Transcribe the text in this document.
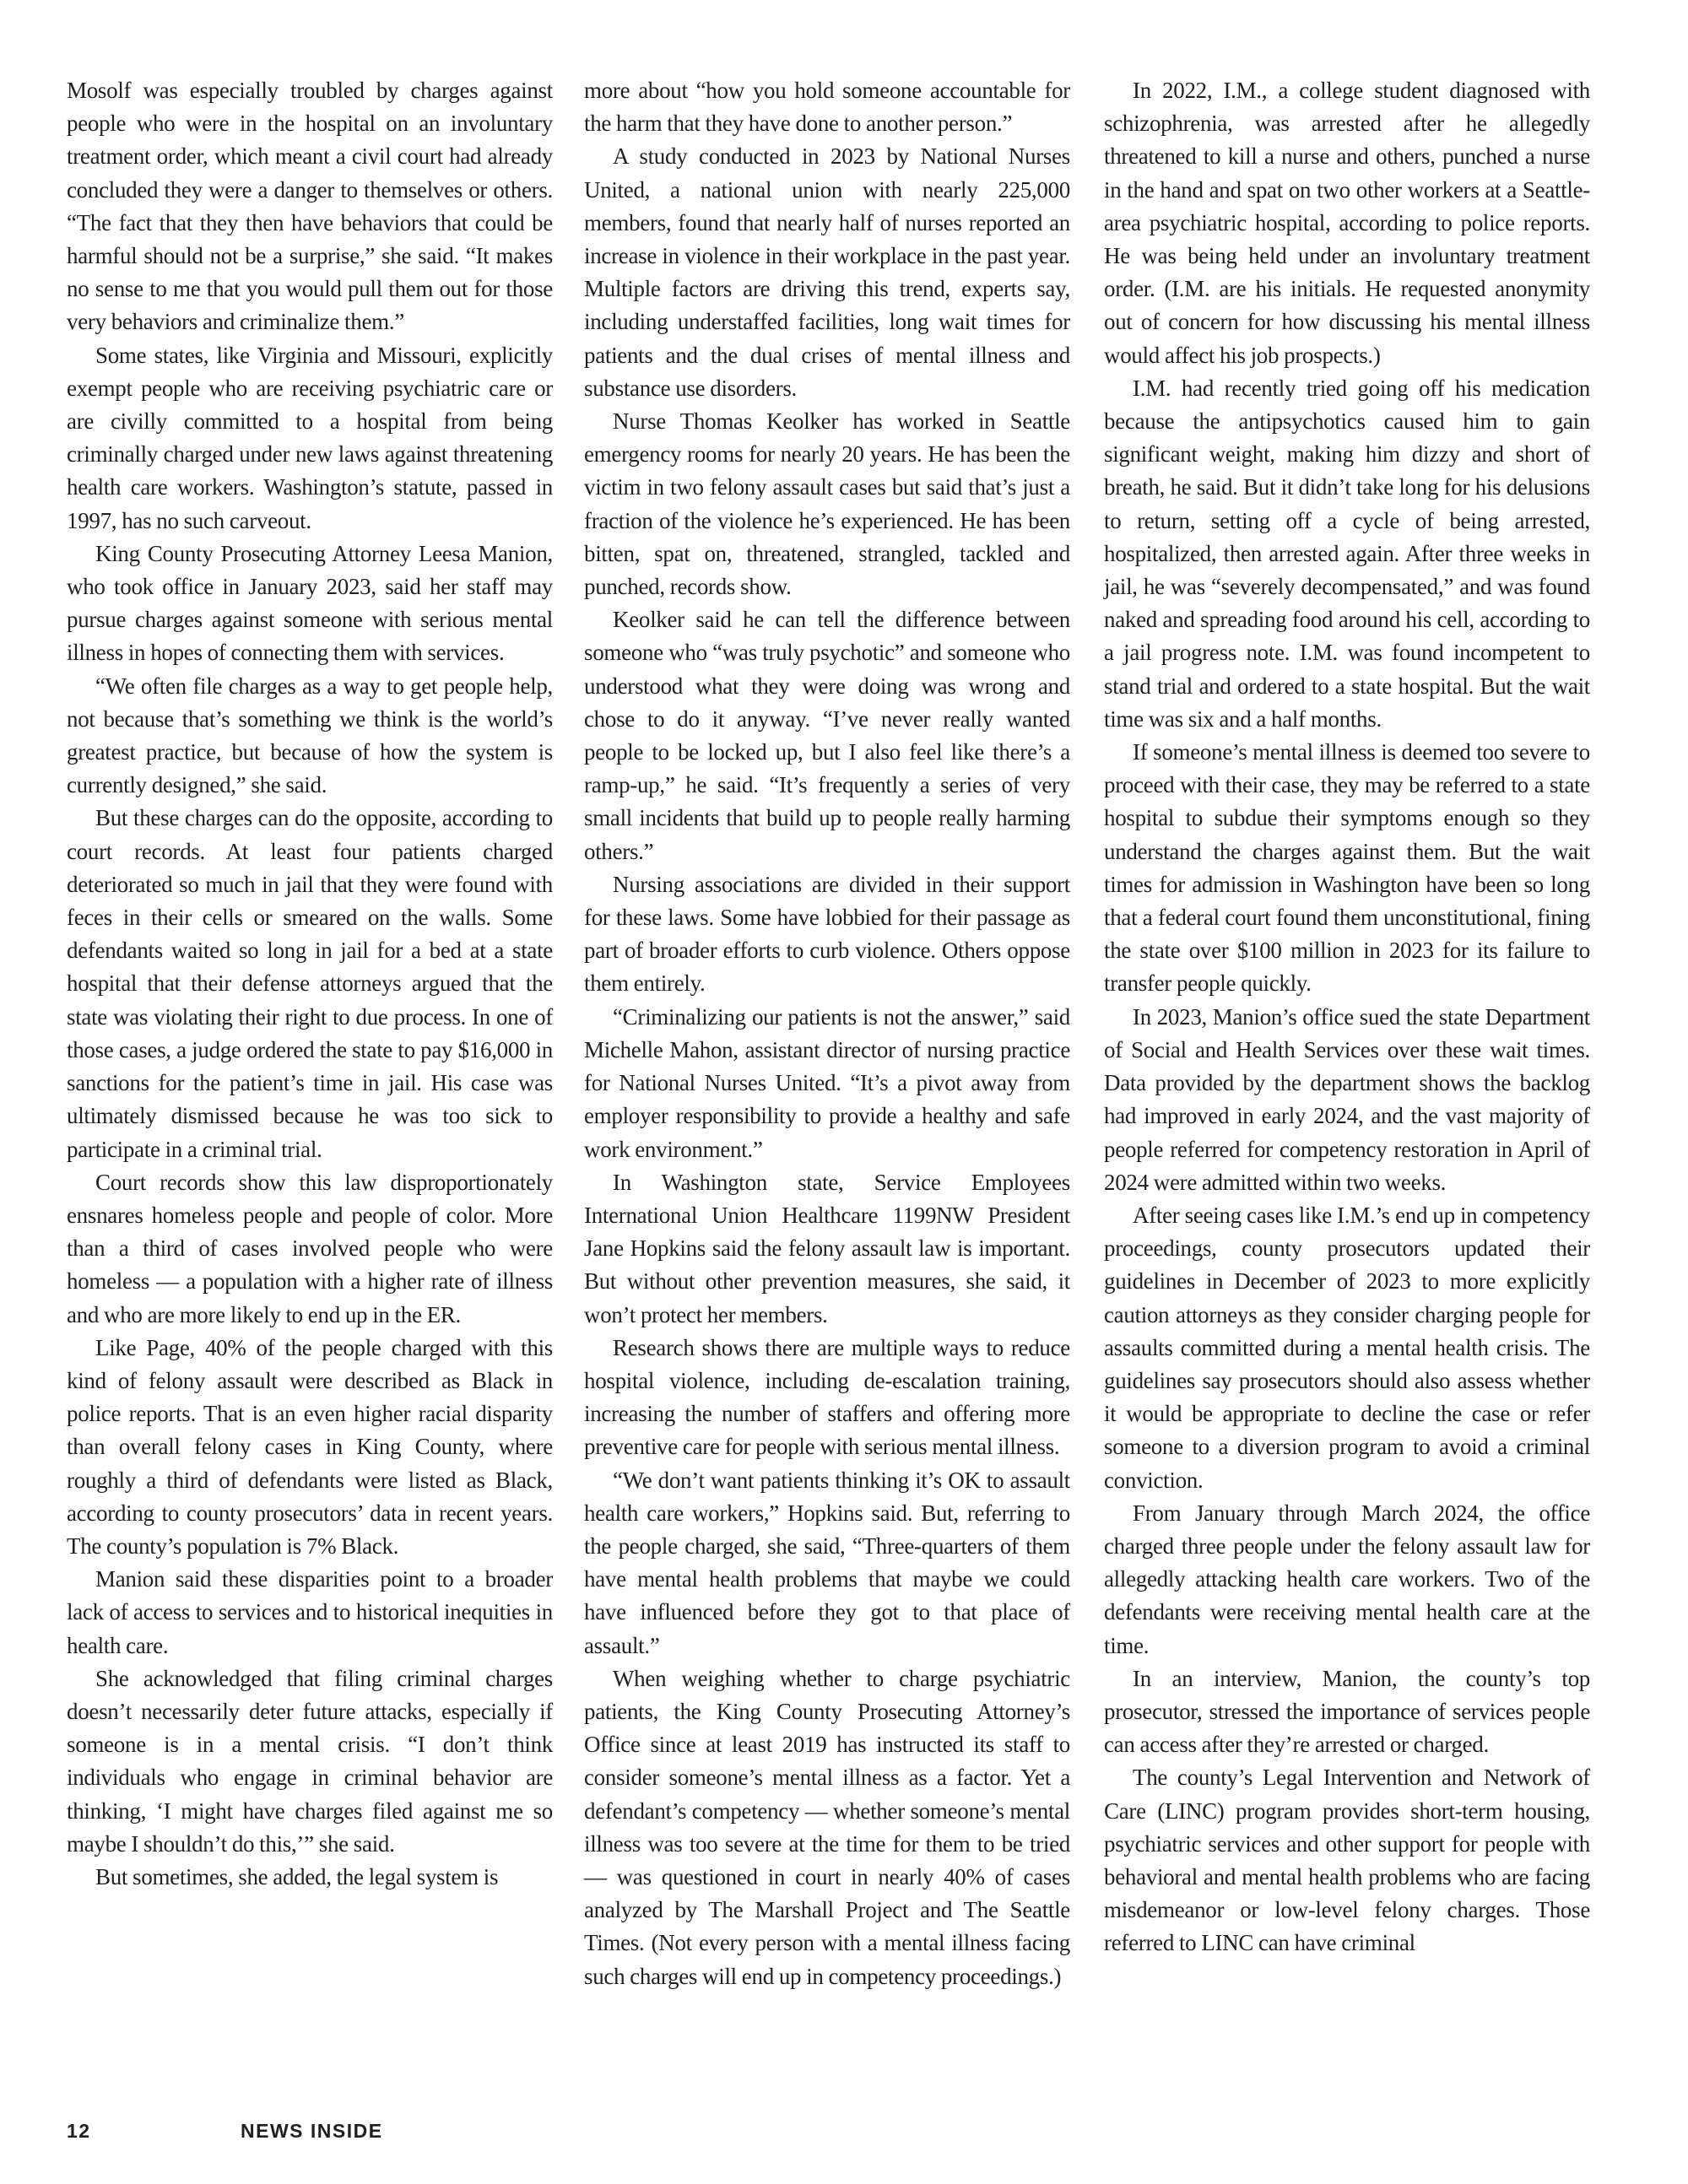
Mosolf was especially troubled by charges against people who were in the hospital on an involuntary treatment order, which meant a civil court had already concluded they were a danger to themselves or others. “The fact that they then have behaviors that could be harmful should not be a surprise,” she said. “It makes no sense to me that you would pull them out for those very behaviors and criminalize them.”

Some states, like Virginia and Missouri, explicitly exempt people who are receiving psychiatric care or are civilly committed to a hospital from being criminally charged under new laws against threatening health care workers. Washington’s statute, passed in 1997, has no such carveout.

King County Prosecuting Attorney Leesa Manion, who took office in January 2023, said her staff may pursue charges against someone with serious mental illness in hopes of connecting them with services.

“We often file charges as a way to get people help, not because that’s something we think is the world’s greatest practice, but because of how the system is currently designed,” she said.

But these charges can do the opposite, according to court records. At least four patients charged deteriorated so much in jail that they were found with feces in their cells or smeared on the walls. Some defendants waited so long in jail for a bed at a state hospital that their defense attorneys argued that the state was violating their right to due process. In one of those cases, a judge ordered the state to pay $16,000 in sanctions for the patient’s time in jail. His case was ultimately dismissed because he was too sick to participate in a criminal trial.

Court records show this law disproportionately ensnares homeless people and people of color. More than a third of cases involved people who were homeless — a population with a higher rate of illness and who are more likely to end up in the ER.

Like Page, 40% of the people charged with this kind of felony assault were described as Black in police reports. That is an even higher racial disparity than overall felony cases in King County, where roughly a third of defendants were listed as Black, according to county prosecutors’ data in recent years. The county’s population is 7% Black.

Manion said these disparities point to a broader lack of access to services and to historical inequities in health care.

She acknowledged that filing criminal charges doesn’t necessarily deter future attacks, especially if someone is in a mental crisis. “I don’t think individuals who engage in criminal behavior are thinking, ‘I might have charges filed against me so maybe I shouldn’t do this,’” she said.

But sometimes, she added, the legal system is

more about “how you hold someone accountable for the harm that they have done to another person.”

A study conducted in 2023 by National Nurses United, a national union with nearly 225,000 members, found that nearly half of nurses reported an increase in violence in their workplace in the past year. Multiple factors are driving this trend, experts say, including understaffed facilities, long wait times for patients and the dual crises of mental illness and substance use disorders.

Nurse Thomas Keolker has worked in Seattle emergency rooms for nearly 20 years. He has been the victim in two felony assault cases but said that’s just a fraction of the violence he’s experienced. He has been bitten, spat on, threatened, strangled, tackled and punched, records show.

Keolker said he can tell the difference between someone who “was truly psychotic” and someone who understood what they were doing was wrong and chose to do it anyway. “I’ve never really wanted people to be locked up, but I also feel like there’s a ramp-up,” he said. “It’s frequently a series of very small incidents that build up to people really harming others.”

Nursing associations are divided in their support for these laws. Some have lobbied for their passage as part of broader efforts to curb violence. Others oppose them entirely.

“Criminalizing our patients is not the answer,” said Michelle Mahon, assistant director of nursing practice for National Nurses United. “It’s a pivot away from employer responsibility to provide a healthy and safe work environment.”

In Washington state, Service Employees International Union Healthcare 1199NW President Jane Hopkins said the felony assault law is important. But without other prevention measures, she said, it won’t protect her members.

Research shows there are multiple ways to reduce hospital violence, including de-escalation training, increasing the number of staffers and offering more preventive care for people with serious mental illness.

“We don’t want patients thinking it’s OK to assault health care workers,” Hopkins said. But, referring to the people charged, she said, “Three-quarters of them have mental health problems that maybe we could have influenced before they got to that place of assault.”

When weighing whether to charge psychiatric patients, the King County Prosecuting Attorney’s Office since at least 2019 has instructed its staff to consider someone’s mental illness as a factor. Yet a defendant’s competency — whether someone’s mental illness was too severe at the time for them to be tried — was questioned in court in nearly 40% of cases analyzed by The Marshall Project and The Seattle Times. (Not every person with a mental illness facing such charges will end up in competency proceedings.)

In 2022, I.M., a college student diagnosed with schizophrenia, was arrested after he allegedly threatened to kill a nurse and others, punched a nurse in the hand and spat on two other workers at a Seattle-area psychiatric hospital, according to police reports. He was being held under an involuntary treatment order. (I.M. are his initials. He requested anonymity out of concern for how discussing his mental illness would affect his job prospects.)

I.M. had recently tried going off his medication because the antipsychotics caused him to gain significant weight, making him dizzy and short of breath, he said. But it didn’t take long for his delusions to return, setting off a cycle of being arrested, hospitalized, then arrested again. After three weeks in jail, he was “severely decompensated,” and was found naked and spreading food around his cell, according to a jail progress note. I.M. was found incompetent to stand trial and ordered to a state hospital. But the wait time was six and a half months.

If someone’s mental illness is deemed too severe to proceed with their case, they may be referred to a state hospital to subdue their symptoms enough so they understand the charges against them. But the wait times for admission in Washington have been so long that a federal court found them unconstitutional, fining the state over $100 million in 2023 for its failure to transfer people quickly.

In 2023, Manion’s office sued the state Department of Social and Health Services over these wait times. Data provided by the department shows the backlog had improved in early 2024, and the vast majority of people referred for competency restoration in April of 2024 were admitted within two weeks.

After seeing cases like I.M.’s end up in competency proceedings, county prosecutors updated their guidelines in December of 2023 to more explicitly caution attorneys as they consider charging people for assaults committed during a mental health crisis. The guidelines say prosecutors should also assess whether it would be appropriate to decline the case or refer someone to a diversion program to avoid a criminal conviction.

From January through March 2024, the office charged three people under the felony assault law for allegedly attacking health care workers. Two of the defendants were receiving mental health care at the time.

In an interview, Manion, the county’s top prosecutor, stressed the importance of services people can access after they’re arrested or charged.

The county’s Legal Intervention and Network of Care (LINC) program provides short-term housing, psychiatric services and other support for people with behavioral and mental health problems who are facing misdemeanor or low-level felony charges. Those referred to LINC can have criminal

12	NEWS INSIDE
